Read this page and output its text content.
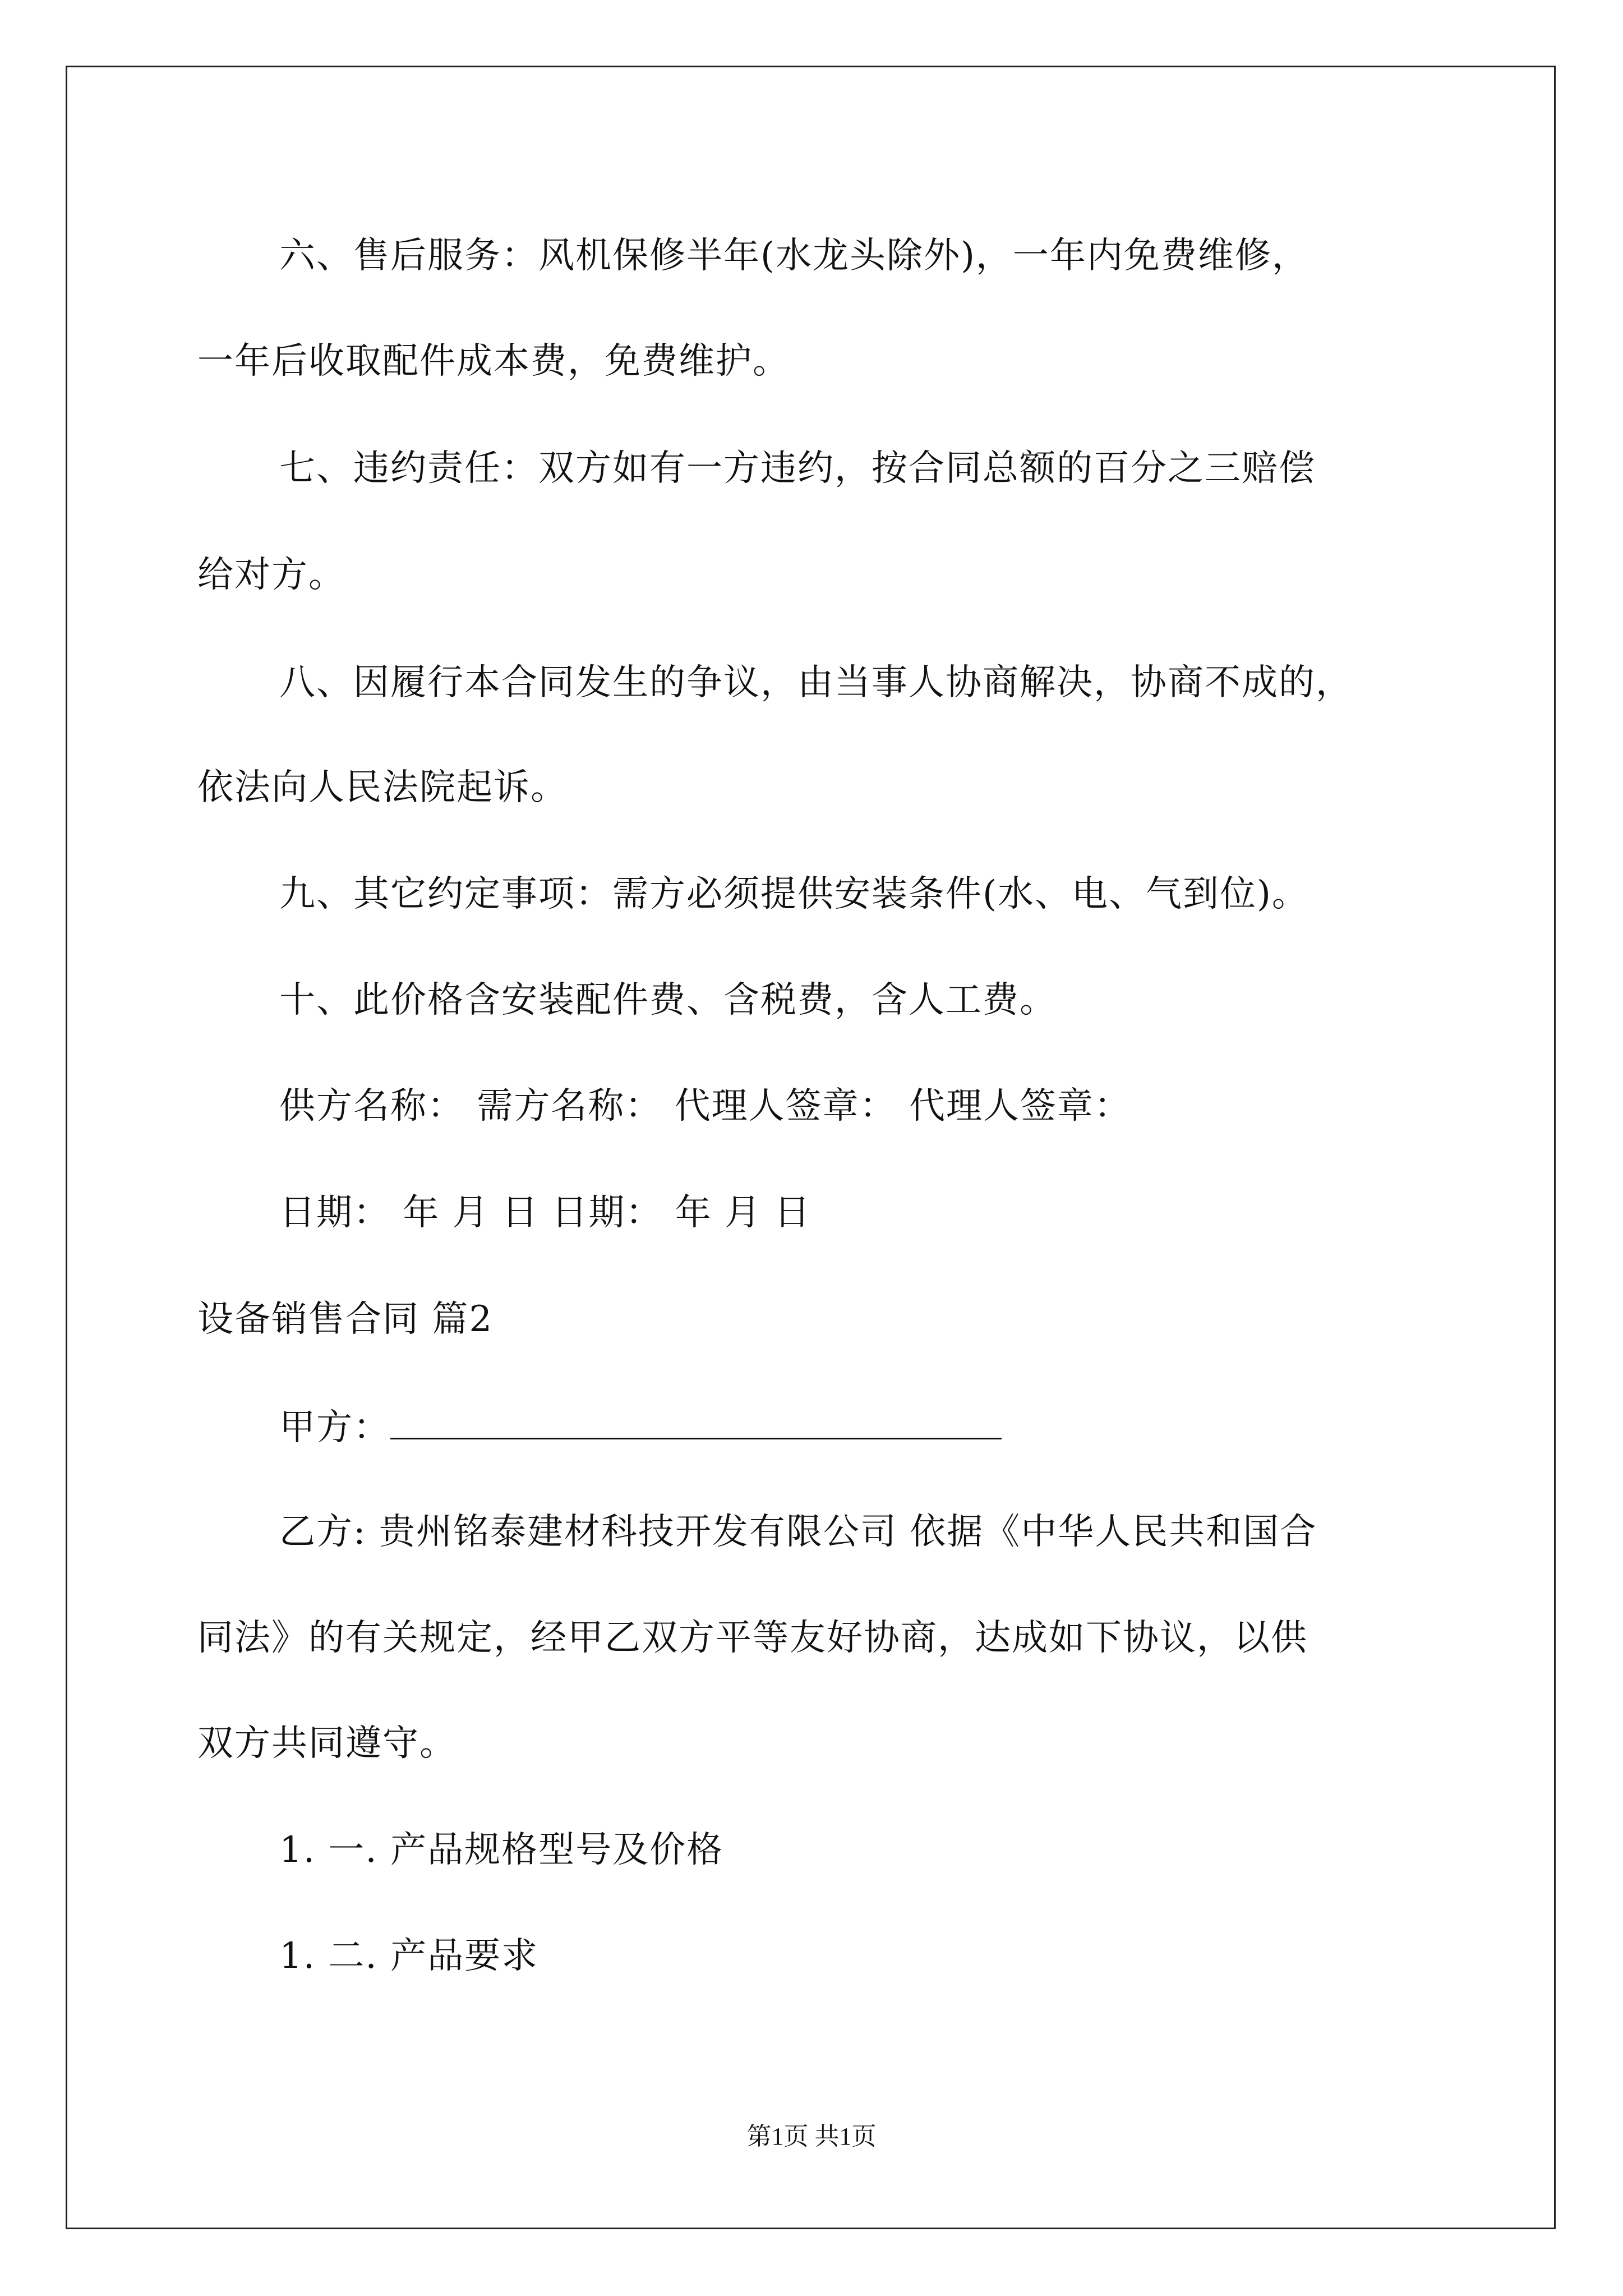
六、售后服务：风机保修半年(水龙头除外)，一年内免费维修，
一年后收取配件成本费，免费维护。
七、违约责任：双方如有一方违约，按合同总额的百分之三赔偿
给对方。
八、因履行本合同发生的争议，由当事人协商解决，协商不成的，
依法向人民法院起诉。
九、其它约定事项：需方必须提供安装条件(水、电、气到位)。
十、此价格含安装配件费、含税费，含人工费。
供方名称： 需方名称： 代理人签章： 代理人签章：
日期： 年 月 日 日期： 年 月 日
设备销售合同 篇2
甲方：
乙方: 贵州铭泰建材科技开发有限公司 依据《中华人民共和国合
同法》的有关规定，经甲乙双方平等友好协商，达成如下协议，以供
双方共同遵守。
1. 一. 产品规格型号及价格
1. 二. 产品要求
第1页 共1页
